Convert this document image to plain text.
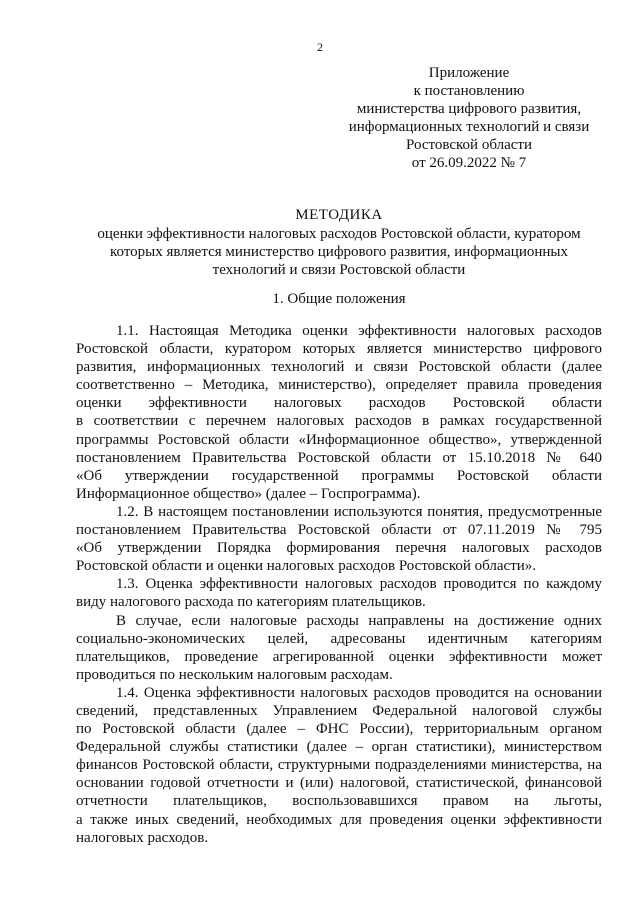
2
Приложение
к постановлению
министерства цифрового развития,
информационных технологий и связи
Ростовской области
от 26.09.2022 № 7
МЕТОДИКА
оценки эффективности налоговых расходов Ростовской области, куратором
которых является министерство цифрового развития, информационных
технологий и связи Ростовской области
1. Общие положения
1.1. Настоящая Методика оценки эффективности налоговых расходов
Ростовской области, куратором которых является министерство цифрового
развития, информационных технологий и связи Ростовской области (далее
соответственно – Методика, министерство), определяет правила проведения
оценки эффективности налоговых расходов Ростовской области
в соответствии с перечнем налоговых расходов в рамках государственной
программы Ростовской области «Информационное общество», утвержденной
постановлением Правительства Ростовской области от 15.10.2018 № 640
«Об утверждении государственной программы Ростовской области
Информационное общество» (далее – Госпрограмма).
1.2. В настоящем постановлении используются понятия, предусмотренные
постановлением Правительства Ростовской области от 07.11.2019 № 795
«Об утверждении Порядка формирования перечня налоговых расходов
Ростовской области и оценки налоговых расходов Ростовской области».
1.3. Оценка эффективности налоговых расходов проводится по каждому
виду налогового расхода по категориям плательщиков.
В случае, если налоговые расходы направлены на достижение одних
социально-экономических целей, адресованы идентичным категориям
плательщиков, проведение агрегированной оценки эффективности может
проводиться по нескольким налоговым расходам.
1.4. Оценка эффективности налоговых расходов проводится на основании
сведений, представленных Управлением Федеральной налоговой службы
по Ростовской области (далее – ФНС России), территориальным органом
Федеральной службы статистики (далее – орган статистики), министерством
финансов Ростовской области, структурными подразделениями министерства, на
основании годовой отчетности и (или) налоговой, статистической, финансовой
отчетности плательщиков, воспользовавшихся правом на льготы,
а также иных сведений, необходимых для проведения оценки эффективности
налоговых расходов.
